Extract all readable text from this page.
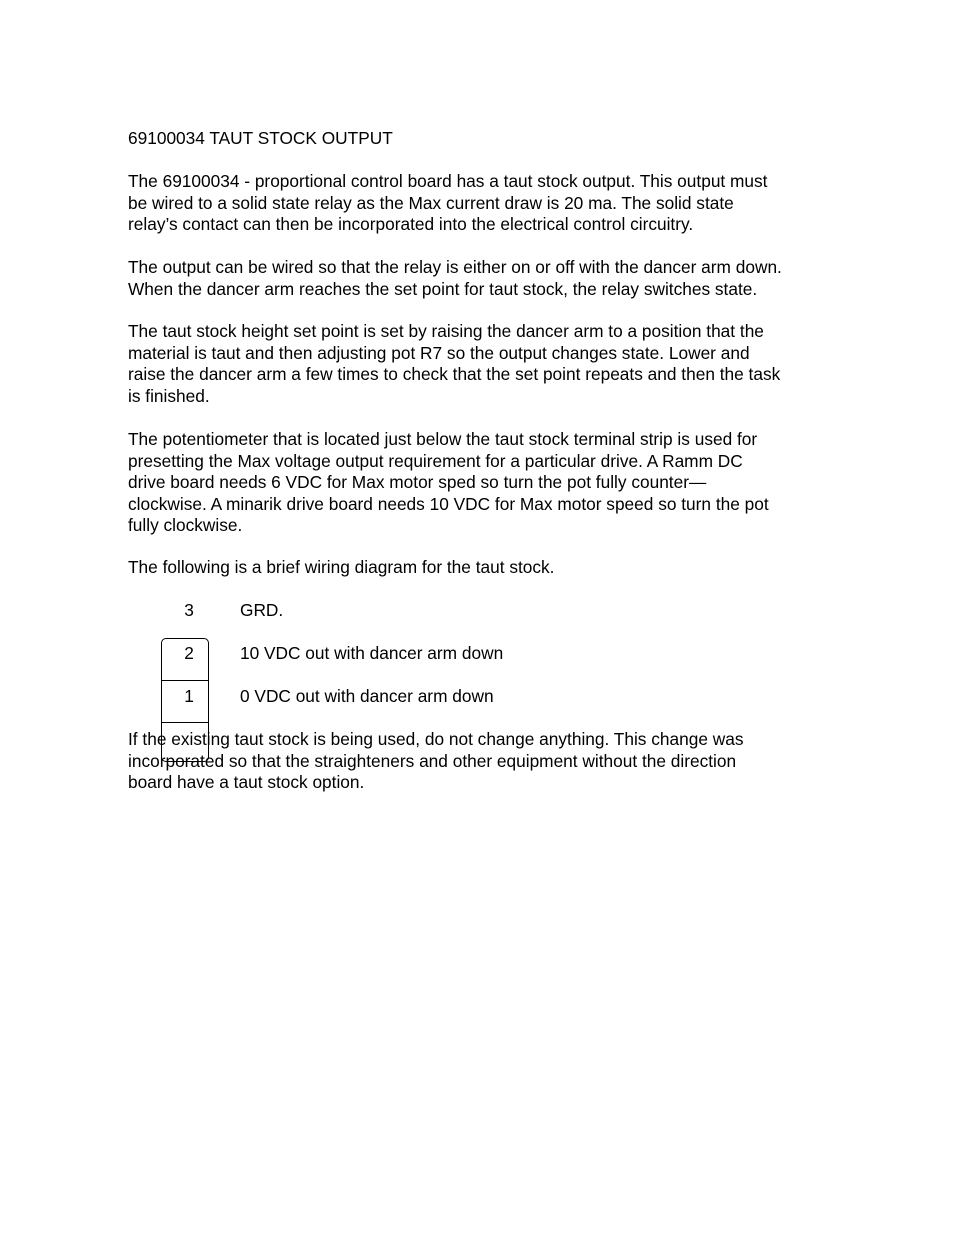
69100034 TAUT STOCK OUTPUT

The 69100034 - proportional control board has a taut stock output. This output must
be wired to a solid state relay as the Max current draw is 20 ma. The solid state
relay’s contact can then be incorporated into the electrical control circuitry.

The output can be wired so that the relay is either on or off with the dancer arm down.
When the dancer arm reaches the set point for taut stock, the relay switches state.

The taut stock height set point is set by raising the dancer arm to a position that the
material is taut and then adjusting pot R7 so the output changes state. Lower and
raise the dancer arm a few times to check that the set point repeats and then the task
is finished.

The potentiometer that is located just below the taut stock terminal strip is used for
presetting the Max voltage output requirement for a particular drive. A Ramm DC
drive board needs 6 VDC for Max motor sped so turn the pot fully counter—
clockwise. A minarik drive board needs 10 VDC for Max motor speed so turn the pot
fully clockwise.

The following is a brief wiring diagram for the taut stock.

3	GRD.
2	10 VDC out with dancer arm down
1	0 VDC out with dancer arm down

If the existing taut stock is being used, do not change anything. This change was
incorporated so that the straighteners and other equipment without the direction
board have a taut stock option.
